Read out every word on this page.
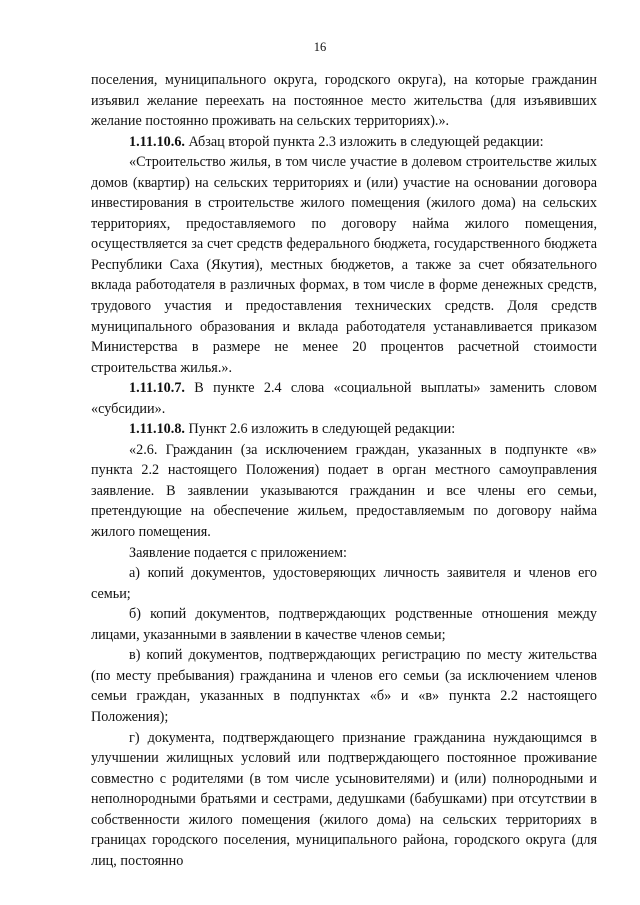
16

поселения, муниципального округа, городского округа), на которые гражданин изъявил желание переехать на постоянное место жительства (для изъявивших желание постоянно проживать на сельских территориях).».

1.11.10.6. Абзац второй пункта 2.3 изложить в следующей редакции:

«Строительство жилья, в том числе участие в долевом строительстве жилых домов (квартир) на сельских территориях и (или) участие на основании договора инвестирования в строительстве жилого помещения (жилого дома) на сельских территориях, предоставляемого по договору найма жилого помещения, осуществляется за счет средств федерального бюджета, государственного бюджета Республики Саха (Якутия), местных бюджетов, а также за счет обязательного вклада работодателя в различных формах, в том числе в форме денежных средств, трудового участия и предоставления технических средств. Доля средств муниципального образования и вклада работодателя устанавливается приказом Министерства в размере не менее 20 процентов расчетной стоимости строительства жилья.».

1.11.10.7. В пункте 2.4 слова «социальной выплаты» заменить словом «субсидии».

1.11.10.8. Пункт 2.6 изложить в следующей редакции:

«2.6. Гражданин (за исключением граждан, указанных в подпункте «в» пункта 2.2 настоящего Положения) подает в орган местного самоуправления заявление. В заявлении указываются гражданин и все члены его семьи, претендующие на обеспечение жильем, предоставляемым по договору найма жилого помещения.

Заявление подается с приложением:

а) копий документов, удостоверяющих личность заявителя и членов его семьи;

б) копий документов, подтверждающих родственные отношения между лицами, указанными в заявлении в качестве членов семьи;

в) копий документов, подтверждающих регистрацию по месту жительства (по месту пребывания) гражданина и членов его семьи (за исключением членов семьи граждан, указанных в подпунктах «б» и «в» пункта 2.2 настоящего Положения);

г) документа, подтверждающего признание гражданина нуждающимся в улучшении жилищных условий или подтверждающего постоянное проживание совместно с родителями (в том числе усыновителями) и (или) полнородными и неполнородными братьями и сестрами, дедушками (бабушками) при отсутствии в собственности жилого помещения (жилого дома) на сельских территориях в границах городского поселения, муниципального района, городского округа (для лиц, постоянно
